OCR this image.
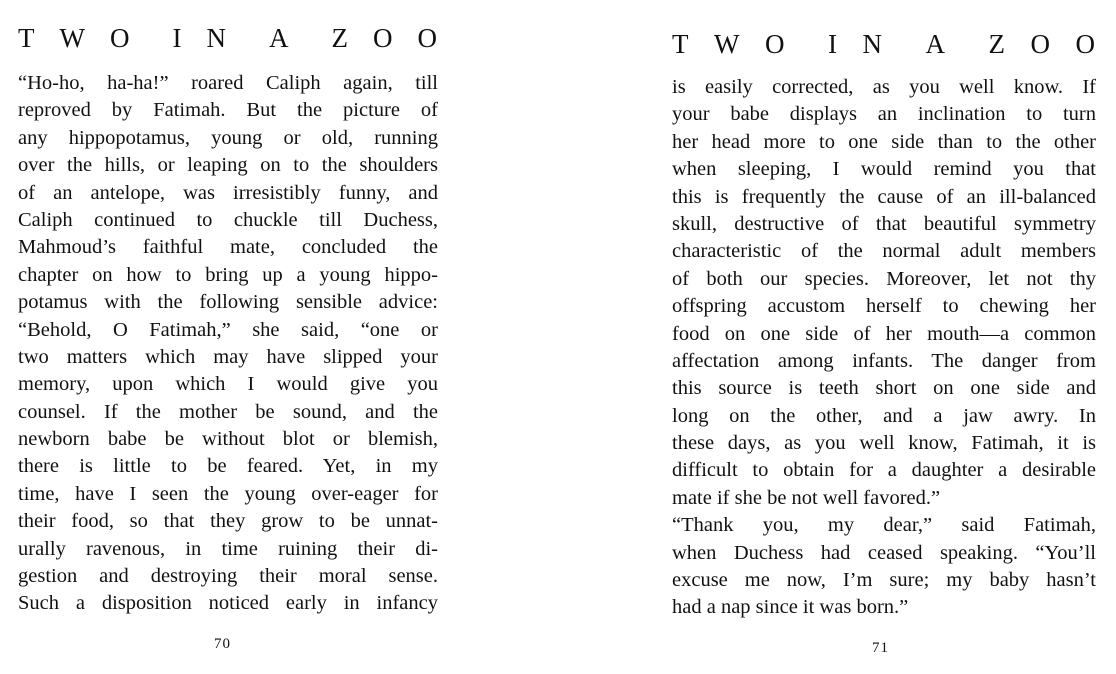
T W O I N A Z O O
“Ho-ho, ha-ha!” roared Caliph again, till
reproved by Fatimah. But the picture of
any hippopotamus, young or old, running
over the hills, or leaping on to the shoulders
of an antelope, was irresistibly funny, and
Caliph continued to chuckle till Duchess,
Mahmoud’s faithful mate, concluded the
chapter on how to bring up a young hippo-
potamus with the following sensible advice:
“Behold, O Fatimah,” she said, “one or
two matters which may have slipped your
memory, upon which I would give you
counsel. If the mother be sound, and the
newborn babe be without blot or blemish,
there is little to be feared. Yet, in my
time, have I seen the young over-eager for
their food, so that they grow to be unnat-
urally ravenous, in time ruining their di-
gestion and destroying their moral sense.
Such a disposition noticed early in infancy
70
T W O I N A Z O O
is easily corrected, as you well know. If
your babe displays an inclination to turn
her head more to one side than to the other
when sleeping, I would remind you that
this is frequently the cause of an ill-balanced
skull, destructive of that beautiful symmetry
characteristic of the normal adult members
of both our species. Moreover, let not thy
offspring accustom herself to chewing her
food on one side of her mouth—a common
affectation among infants. The danger from
this source is teeth short on one side and
long on the other, and a jaw awry. In
these days, as you well know, Fatimah, it is
difficult to obtain for a daughter a desirable
mate if she be not well favored.”
“Thank you, my dear,” said Fatimah,
when Duchess had ceased speaking. “You’ll
excuse me now, I’m sure; my baby hasn’t
had a nap since it was born.”
71
